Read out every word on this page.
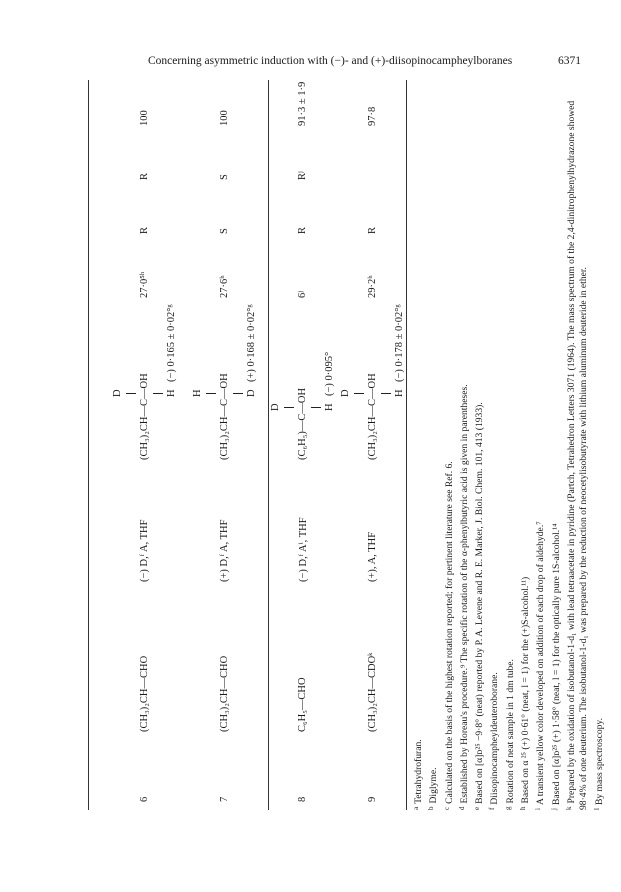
Concerning asymmetric induction with (−)- and (+)-diisopinocampheylboranes	6371
6
(CH₃)₂CH—CHO
(−) D,ᶠ A, THF
D (CH₃)₂CH—C—OH H
(−) 0·165 ± 0·02°ᵍ
27·0⁵ʰ
R
R
100
7
(CH₃)₂CH—CHO
(+) D,ᶠ A, THF
H (CH₃)₂CH—C—OH D
(+) 0·168 ± 0·02°ᵍ
27·6ʰ
S
S
100
8
C₆H₅—CHO
(−) D,ᶠ Aⁱ, THF
D (C₆H₅)—C—OH H
(−) 0·095°
6ʲ
R
Rʲ
91·3 ± 1·9
9
(CH₃)₂CH—CDOᵏ
(+), A, THF
D (CH₃)₂CH—C—OH H
(−) 0·178 ± 0·02°ᵍ
29·2ʰ
R
97·8
$^a$Tetrahydrofuran.
$^b$Diglyme.
$^c$Calculated on the basis of the highest rotation reported; for pertinent literature see Ref. 6.
$^d$Established by Horeau's procedure.⁹ The specific rotation of the α-phenylbutyric acid is given in parentheses.
$^e$Based on [α]ᴅ²⁵ −9·8° (neat) reported by P. A. Levene and R. E. Marker, J. Biol. Chem. 101, 413 (1933).
$^f$Diisopinocampheyldeuteroborane.
$^g$Rotation of neat sample in 1 dm tube.
$^h$Based on α ²⁵ (+) 0·61° (neat, l = 1) for the (+)S-alcohol.¹¹)
$^i$A transient yellow color developed on addition of each drop of aldehyde.⁷
$^j$Based on [α]ᴅ²⁵ (+) 1·58° (neat, l = 1) for the optically pure 1S-alcohol.¹⁴
$^k$Prepared by the oxidation of isobutanol-1-d₁ with lead tetraacetate in pyridine (Partch, Tetrahedron Letters 3071 (1964). The mass spectrum of the 2,4-dinitrophenylhydrazone showed 98·4% of one deuterium. The isobutanol-1-d₁ was prepared by the reduction of neocetylisobutyrate with lithium aluminum deuteride in ether. $^l$By mass spectroscopy.
